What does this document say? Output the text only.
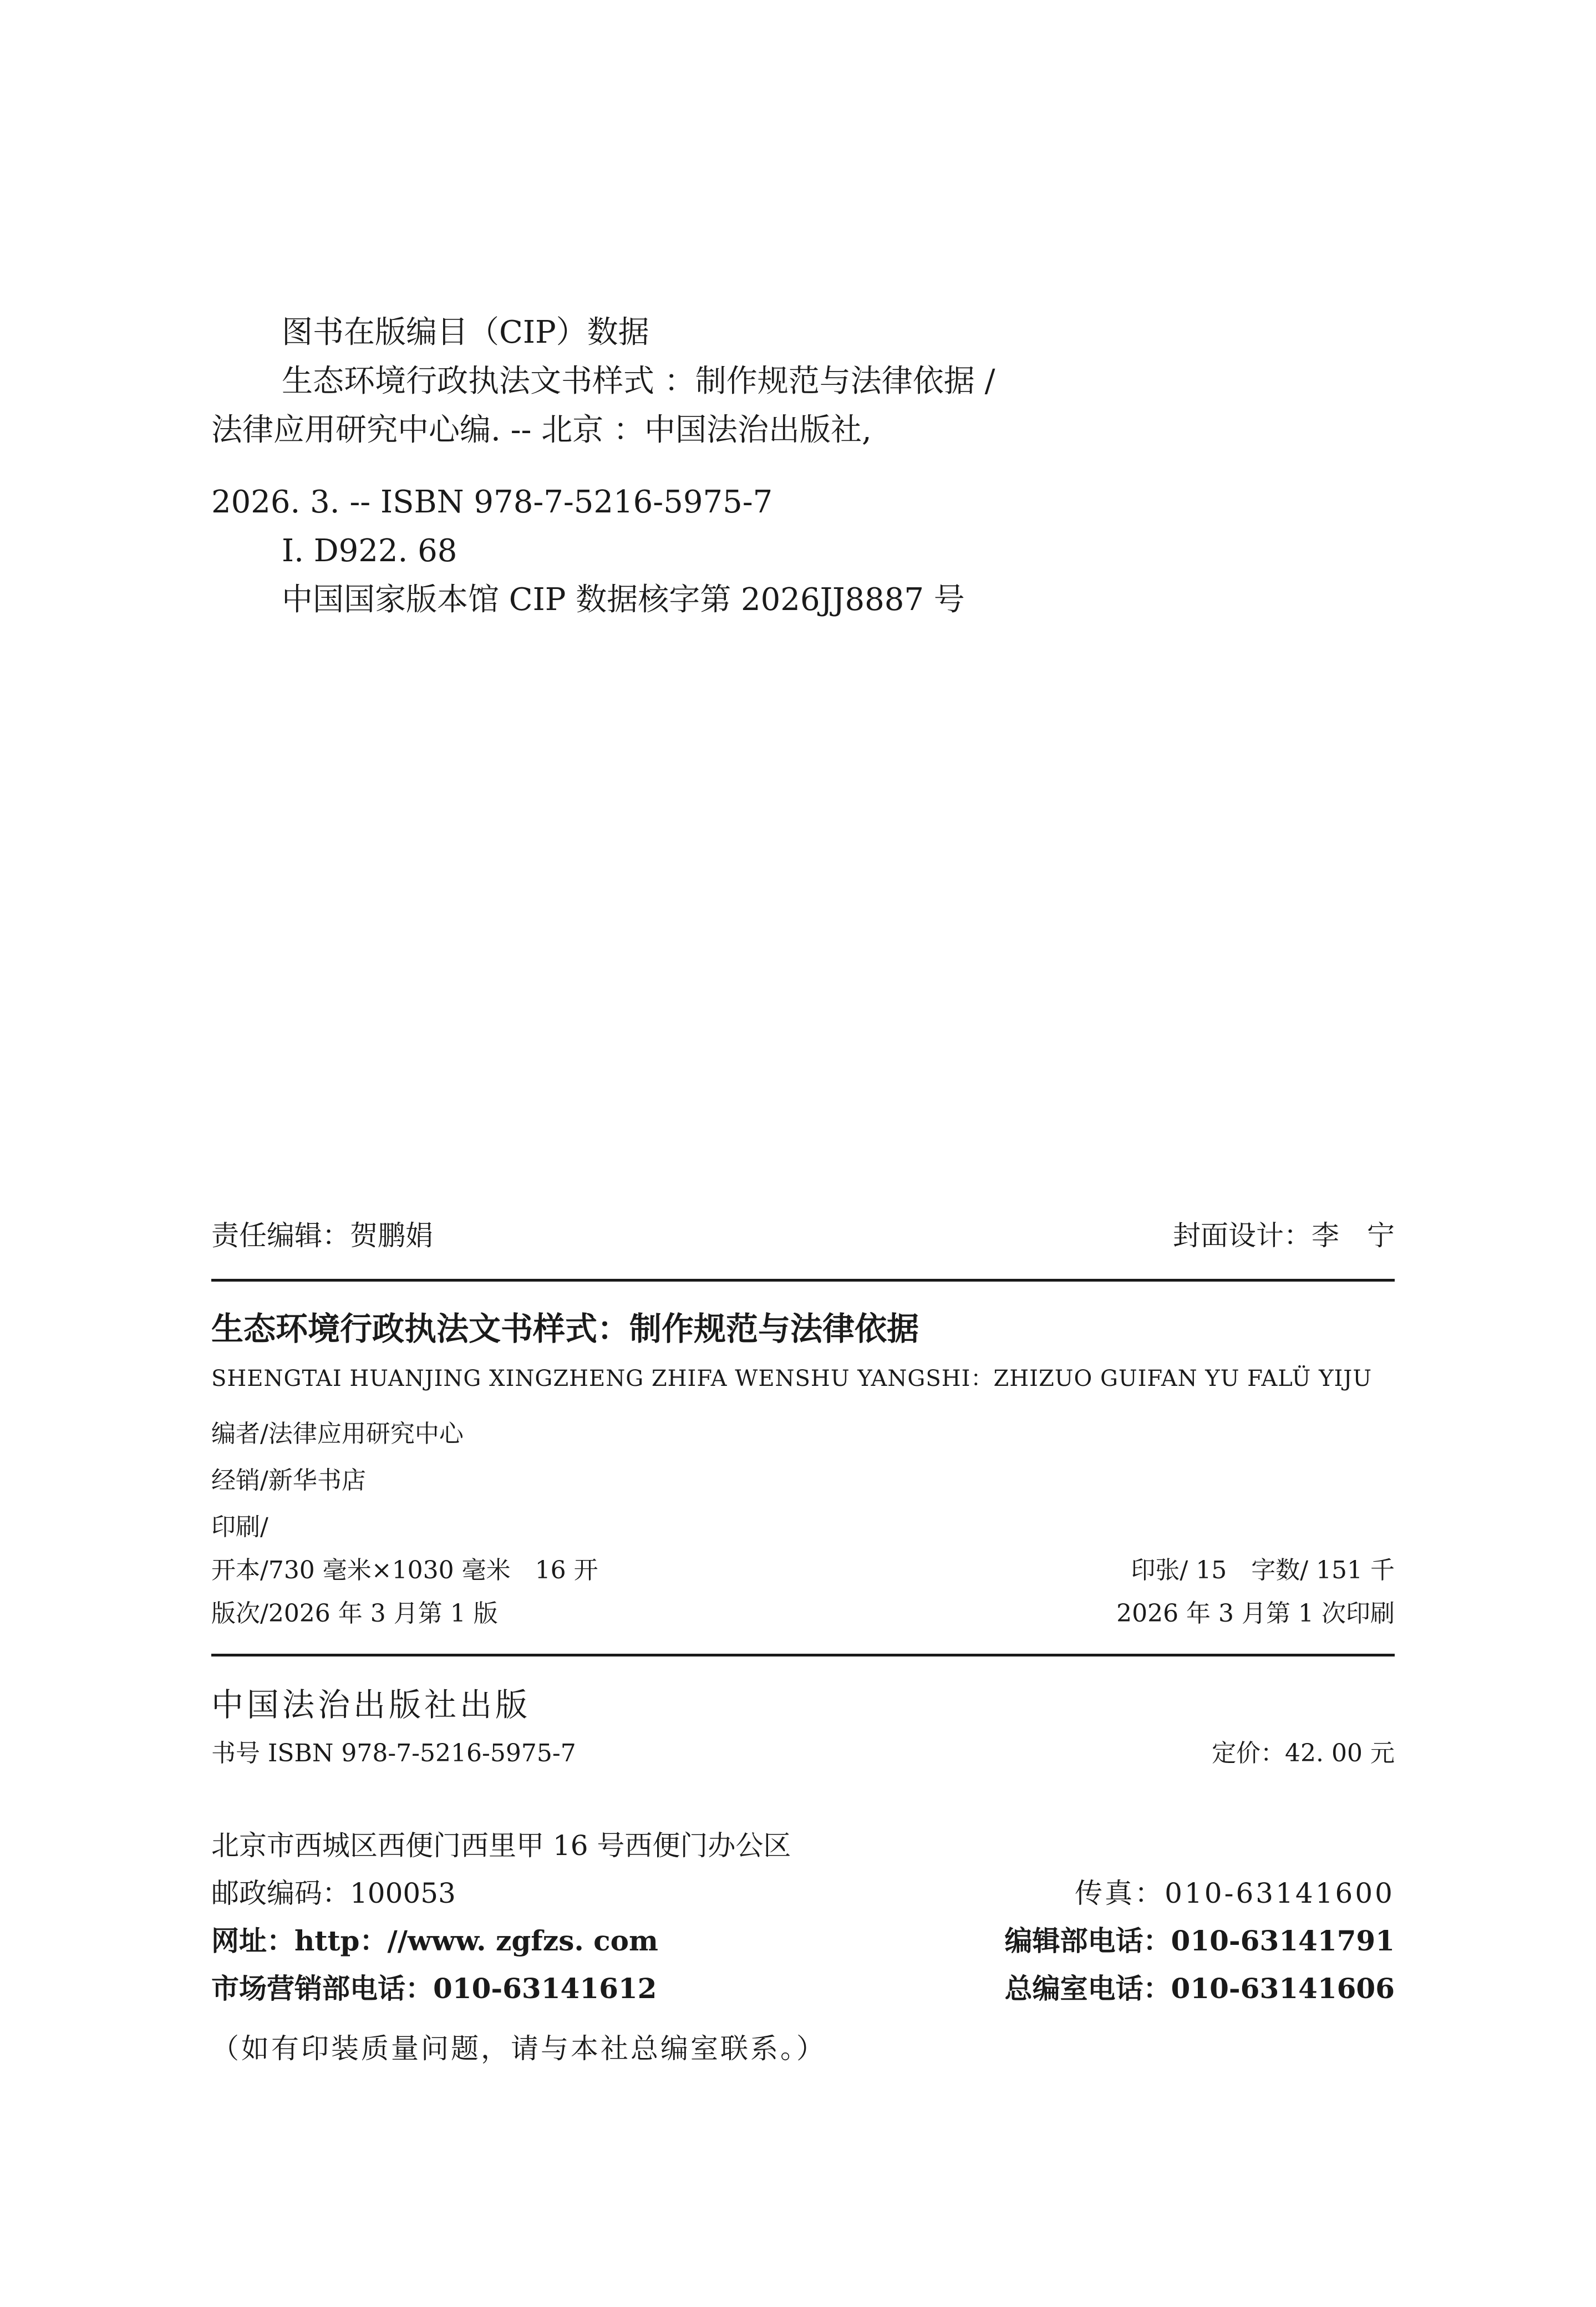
图书在版编目（CIP）数据
生态环境行政执法文书样式 ：制作规范与法律依据 /
法律应用研究中心编. -- 北京 ：中国法治出版社,
2026. 3. -- ISBN 978-7-5216-5975-7
Ⅰ. D922. 68
中国国家版本馆 CIP 数据核字第 2026JJ8887 号
责任编辑：贺鹏娟	封面设计：李　宁
生态环境行政执法文书样式：制作规范与法律依据
SHENGTAI HUANJING XINGZHENG ZHIFA WENSHU YANGSHI：ZHIZUO GUIFAN YU FALÜ YIJU
编者/法律应用研究中心
经销/新华书店
印刷/
开本/730 毫米×1030 毫米　16 开	印张/ 15　字数/ 151 千
版次/2026 年 3 月第 1 版	2026 年 3 月第 1 次印刷
中国法治出版社出版
书号 ISBN 978-7-5216-5975-7	定价：42. 00 元
北京市西城区西便门西里甲 16 号西便门办公区
邮政编码：100053	传真：010-63141600
网址：http：//www. zgfzs. com	编辑部电话：010-63141791
市场营销部电话：010-63141612	总编室电话：010-63141606
（如有印装质量问题，请与本社总编室联系。）
